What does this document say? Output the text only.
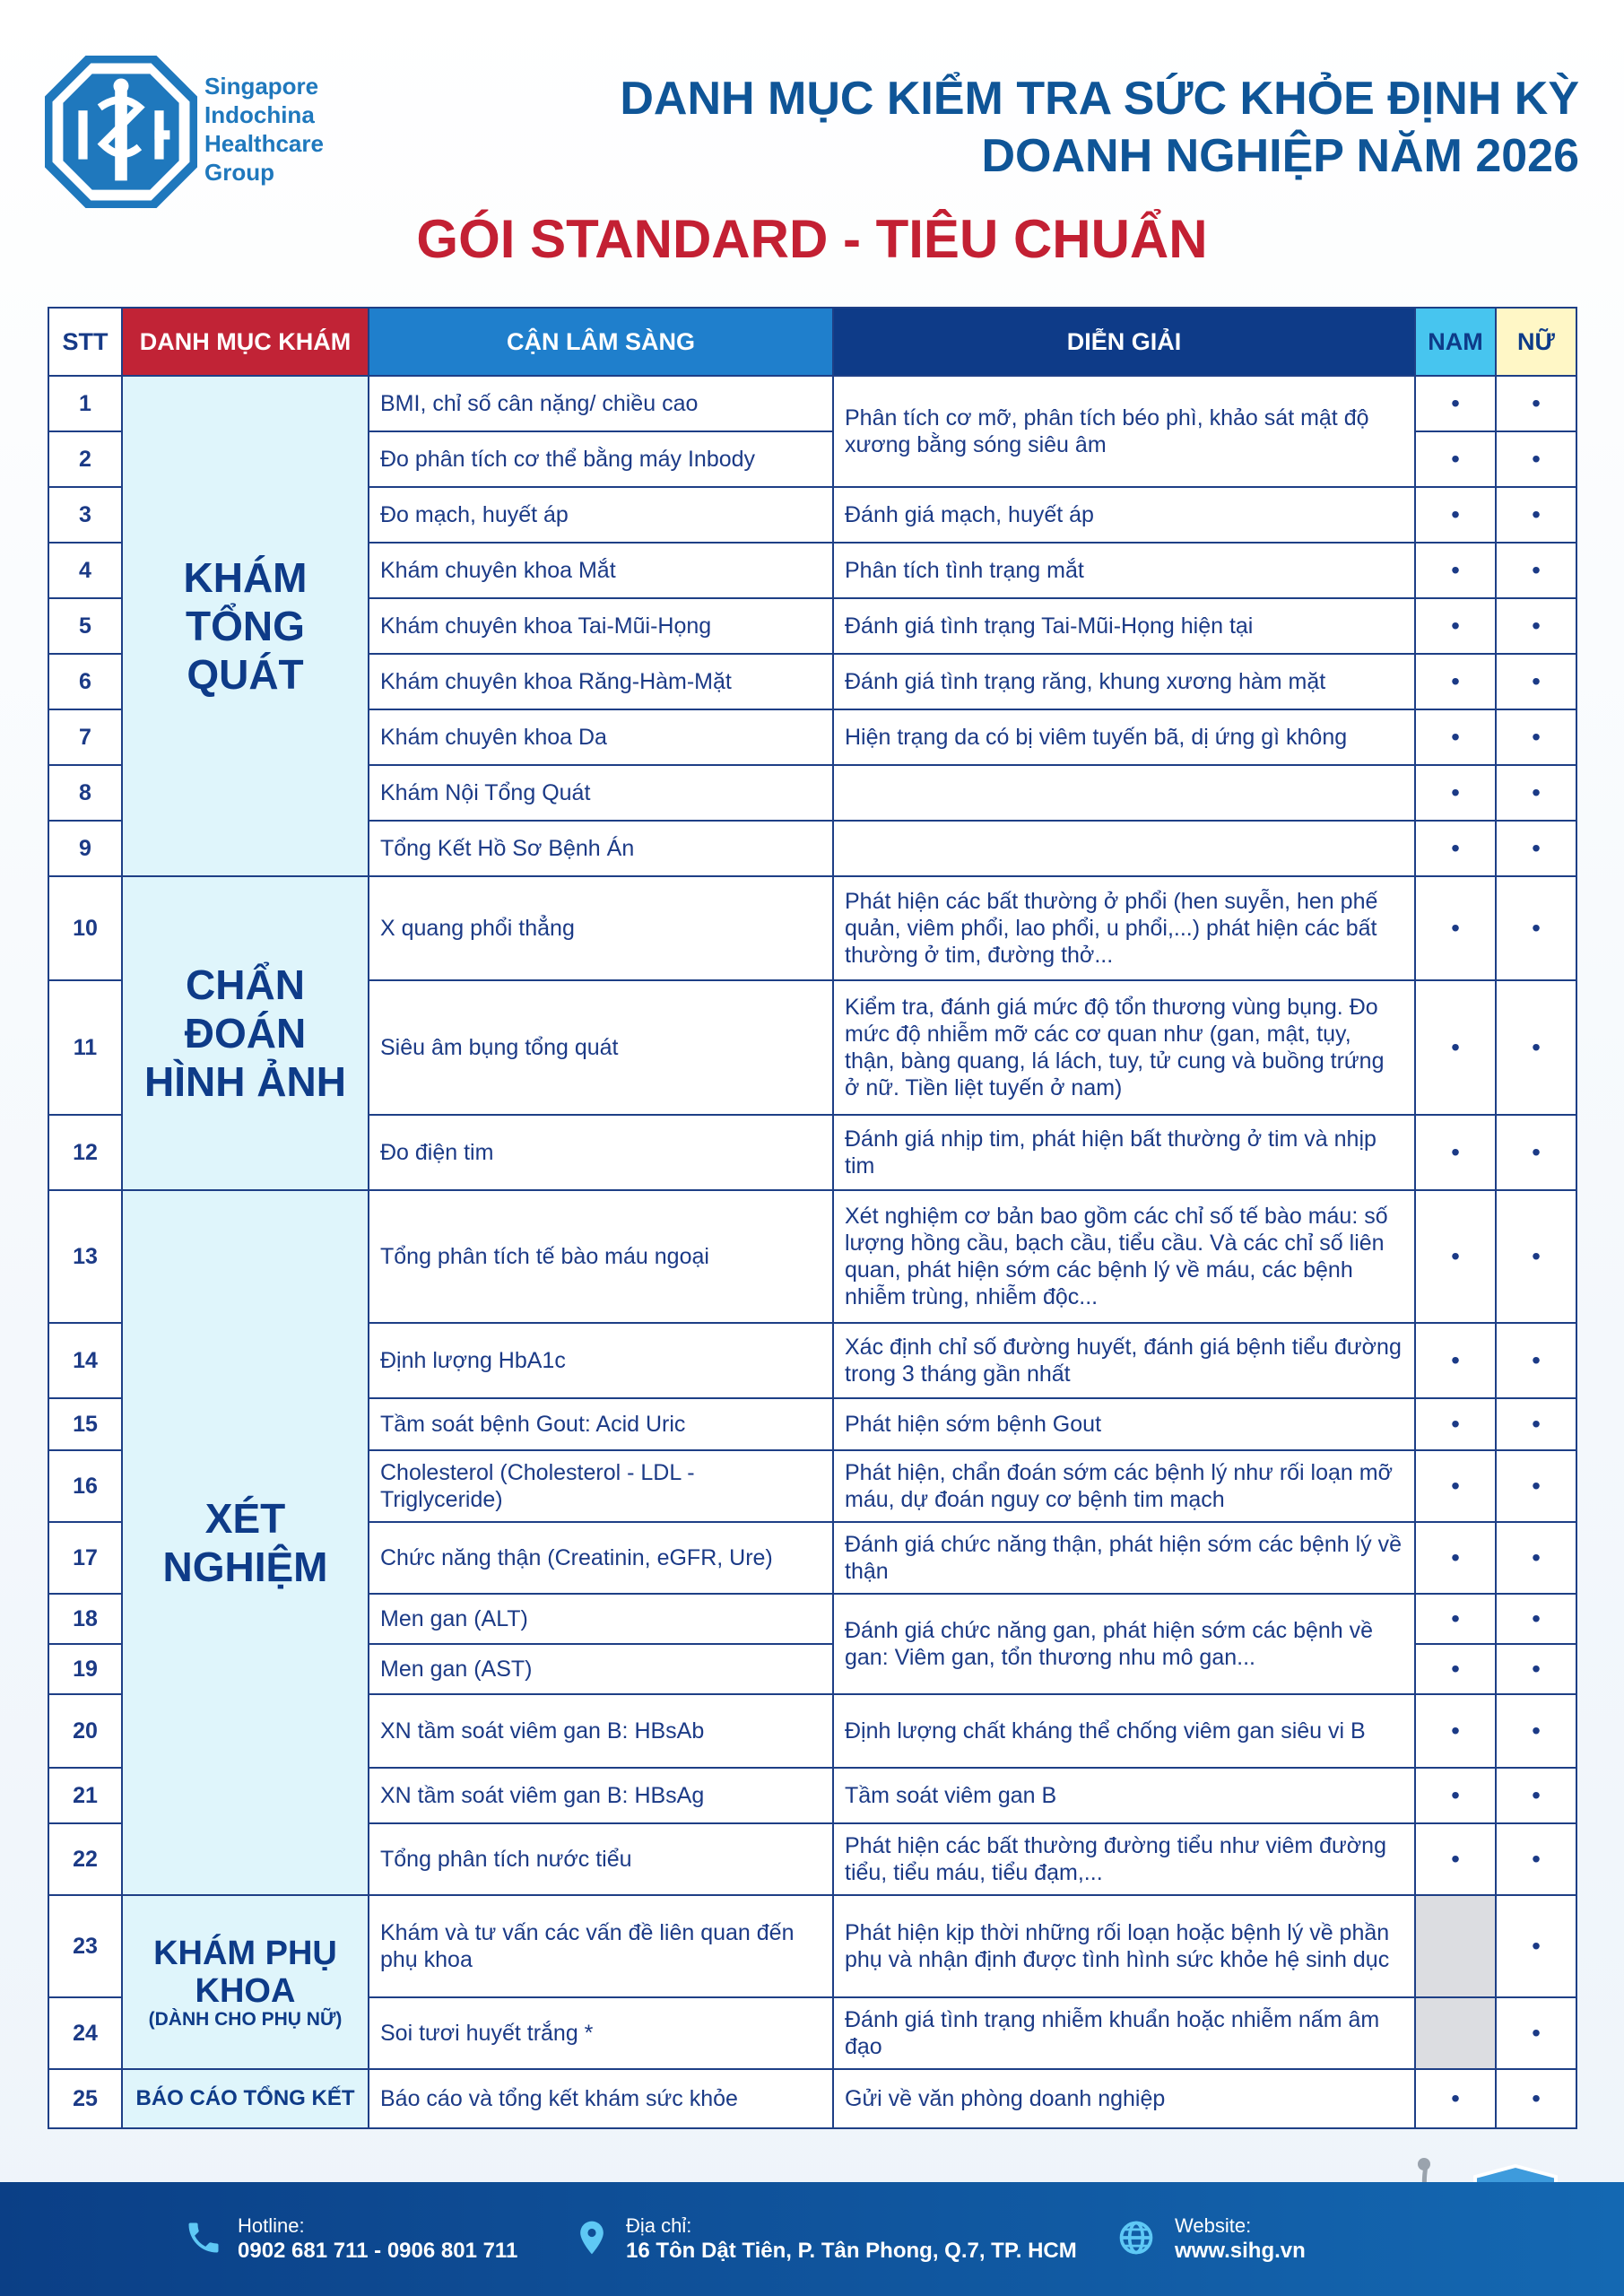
Singapore
Indochina
Healthcare
Group
DANH MỤC KIỂM TRA SỨC KHỎE ĐỊNH KỲ
DOANH NGHIỆP NĂM 2026
GÓI STANDARD - TIÊU CHUẨN
STT	DANH MỤC KHÁM	CẬN LÂM SÀNG	DIỄN GIẢI	NAM	NỮ
1	KHÁM
TỔNG
QUÁT	BMI, chỉ số cân nặng/ chiều cao	Phân tích cơ mỡ, phân tích béo phì, khảo sát mật độ xương bằng sóng siêu âm	•	•
2		Đo phân tích cơ thể bằng máy Inbody		•	•
3		Đo mạch, huyết áp	Đánh giá mạch, huyết áp	•	•
4		Khám chuyên khoa Mắt	Phân tích tình trạng mắt	•	•
5		Khám chuyên khoa Tai-Mũi-Họng	Đánh giá tình trạng Tai-Mũi-Họng hiện tại	•	•
6		Khám chuyên khoa Răng-Hàm-Mặt	Đánh giá tình trạng răng, khung xương hàm mặt	•	•
7		Khám chuyên khoa Da	Hiện trạng da có bị viêm tuyến bã, dị ứng gì không	•	•
8		Khám Nội Tổng Quát		•	•
9		Tổng Kết Hồ Sơ Bệnh Án		•	•
10	CHẨN
ĐOÁN
HÌNH ẢNH	X quang phổi thẳng	Phát hiện các bất thường ở phổi (hen suyễn, hen phế quản, viêm phổi, lao phổi, u phổi,...) phát hiện các bất thường ở tim, đường thở...	•	•
11		Siêu âm bụng tổng quát	Kiểm tra, đánh giá mức độ tổn thương vùng bụng. Đo mức độ nhiễm mỡ các cơ quan như (gan, mật, tụy, thận, bàng quang, lá lách, tuy, tử cung và buồng trứng ở nữ. Tiền liệt tuyến ở nam)	•	•
12		Đo điện tim	Đánh giá nhịp tim, phát hiện bất thường ở tim và nhịp tim	•	•
13	XÉT
NGHIỆM	Tổng phân tích tế bào máu ngoại	Xét nghiệm cơ bản bao gồm các chỉ số tế bào máu: số lượng hồng cầu, bạch cầu, tiểu cầu. Và các chỉ số liên quan, phát hiện sớm các bệnh lý về máu, các bệnh nhiễm trùng, nhiễm độc...	•	•
14		Định lượng HbA1c	Xác định chỉ số đường huyết, đánh giá bệnh tiểu đường trong 3 tháng gần nhất	•	•
15		Tầm soát bệnh Gout: Acid Uric	Phát hiện sớm bệnh Gout	•	•
16		Cholesterol (Cholesterol - LDL - Triglyceride)	Phát hiện, chẩn đoán sớm các bệnh lý như rối loạn mỡ máu, dự đoán nguy cơ bệnh tim mạch	•	•
17		Chức năng thận (Creatinin, eGFR, Ure)	Đánh giá chức năng thận, phát hiện sớm các bệnh lý về thận	•	•
18		Men gan (ALT)	Đánh giá chức năng gan, phát hiện sớm các bệnh về gan: Viêm gan, tổn thương nhu mô gan...	•	•
19		Men gan (AST)		•	•
20		XN tầm soát viêm gan B: HBsAb	Định lượng chất kháng thể chống viêm gan siêu vi B	•	•
21		XN tầm soát viêm gan B: HBsAg	Tầm soát viêm gan B	•	•
22		Tổng phân tích nước tiểu	Phát hiện các bất thường đường tiểu như viêm đường tiểu, tiểu máu, tiểu đạm,...	•	•
23	KHÁM PHỤ
KHOA
(DÀNH CHO PHỤ NỮ)	Khám và tư vấn các vấn đề liên quan đến phụ khoa	Phát hiện kịp thời những rối loạn hoặc bệnh lý về phần phụ và nhận định được tình hình sức khỏe hệ sinh dục		•
24		Soi tươi huyết trắng *	Đánh giá tình trạng nhiễm khuẩn hoặc nhiễm nấm âm đạo		•
25	BÁO CÁO TỔNG KẾT	Báo cáo và tổng kết khám sức khỏe	Gửi về văn phòng doanh nghiệp	•	•
Hotline:
0902 681 711 - 0906 801 711
Địa chỉ:
16 Tôn Dật Tiên, P. Tân Phong, Q.7, TP. HCM
Website:
www.sihg.vn
